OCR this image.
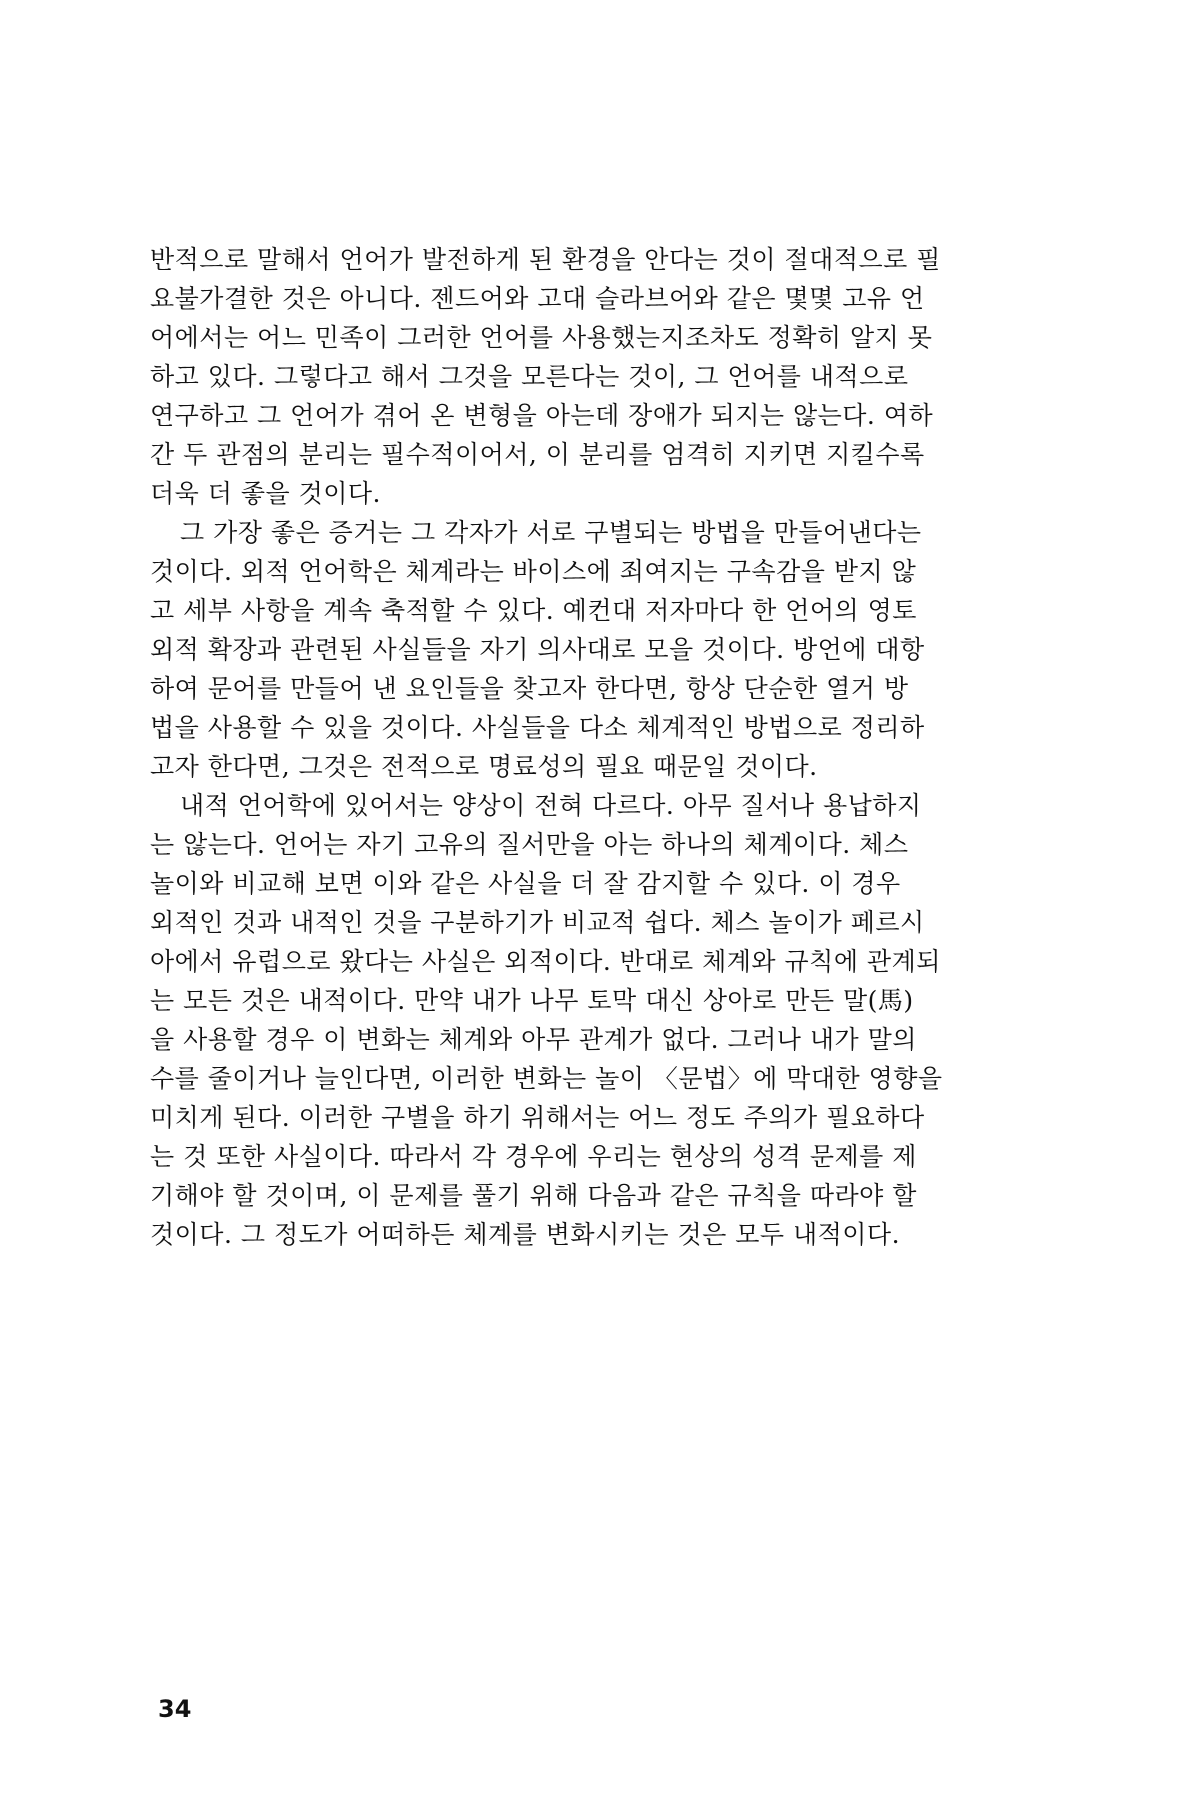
반적으로 말해서 언어가 발전하게 된 환경을 안다는 것이 절대적으로 필
요불가결한 것은 아니다. 젠드어와 고대 슬라브어와 같은 몇몇 고유 언
어에서는 어느 민족이 그러한 언어를 사용했는지조차도 정확히 알지 못
하고 있다. 그렇다고 해서 그것을 모른다는 것이, 그 언어를 내적으로
연구하고 그 언어가 겪어 온 변형을 아는데 장애가 되지는 않는다. 여하
간 두 관점의 분리는 필수적이어서, 이 분리를 엄격히 지키면 지킬수록
더욱 더 좋을 것이다.
그 가장 좋은 증거는 그 각자가 서로 구별되는 방법을 만들어낸다는
것이다. 외적 언어학은 체계라는 바이스에 죄여지는 구속감을 받지 않
고 세부 사항을 계속 축적할 수 있다. 예컨대 저자마다 한 언어의 영토
외적 확장과 관련된 사실들을 자기 의사대로 모을 것이다. 방언에 대항
하여 문어를 만들어 낸 요인들을 찾고자 한다면, 항상 단순한 열거 방
법을 사용할 수 있을 것이다. 사실들을 다소 체계적인 방법으로 정리하
고자 한다면, 그것은 전적으로 명료성의 필요 때문일 것이다.
내적 언어학에 있어서는 양상이 전혀 다르다. 아무 질서나 용납하지
는 않는다. 언어는 자기 고유의 질서만을 아는 하나의 체계이다. 체스
놀이와 비교해 보면 이와 같은 사실을 더 잘 감지할 수 있다. 이 경우
외적인 것과 내적인 것을 구분하기가 비교적 쉽다. 체스 놀이가 페르시
아에서 유럽으로 왔다는 사실은 외적이다. 반대로 체계와 규칙에 관계되
는 모든 것은 내적이다. 만약 내가 나무 토막 대신 상아로 만든 말(馬)
을 사용할 경우 이 변화는 체계와 아무 관계가 없다. 그러나 내가 말의
수를 줄이거나 늘인다면, 이러한 변화는 놀이 〈문법〉에 막대한 영향을
미치게 된다. 이러한 구별을 하기 위해서는 어느 정도 주의가 필요하다
는 것 또한 사실이다. 따라서 각 경우에 우리는 현상의 성격 문제를 제
기해야 할 것이며, 이 문제를 풀기 위해 다음과 같은 규칙을 따라야 할
것이다. 그 정도가 어떠하든 체계를 변화시키는 것은 모두 내적이다.
34
